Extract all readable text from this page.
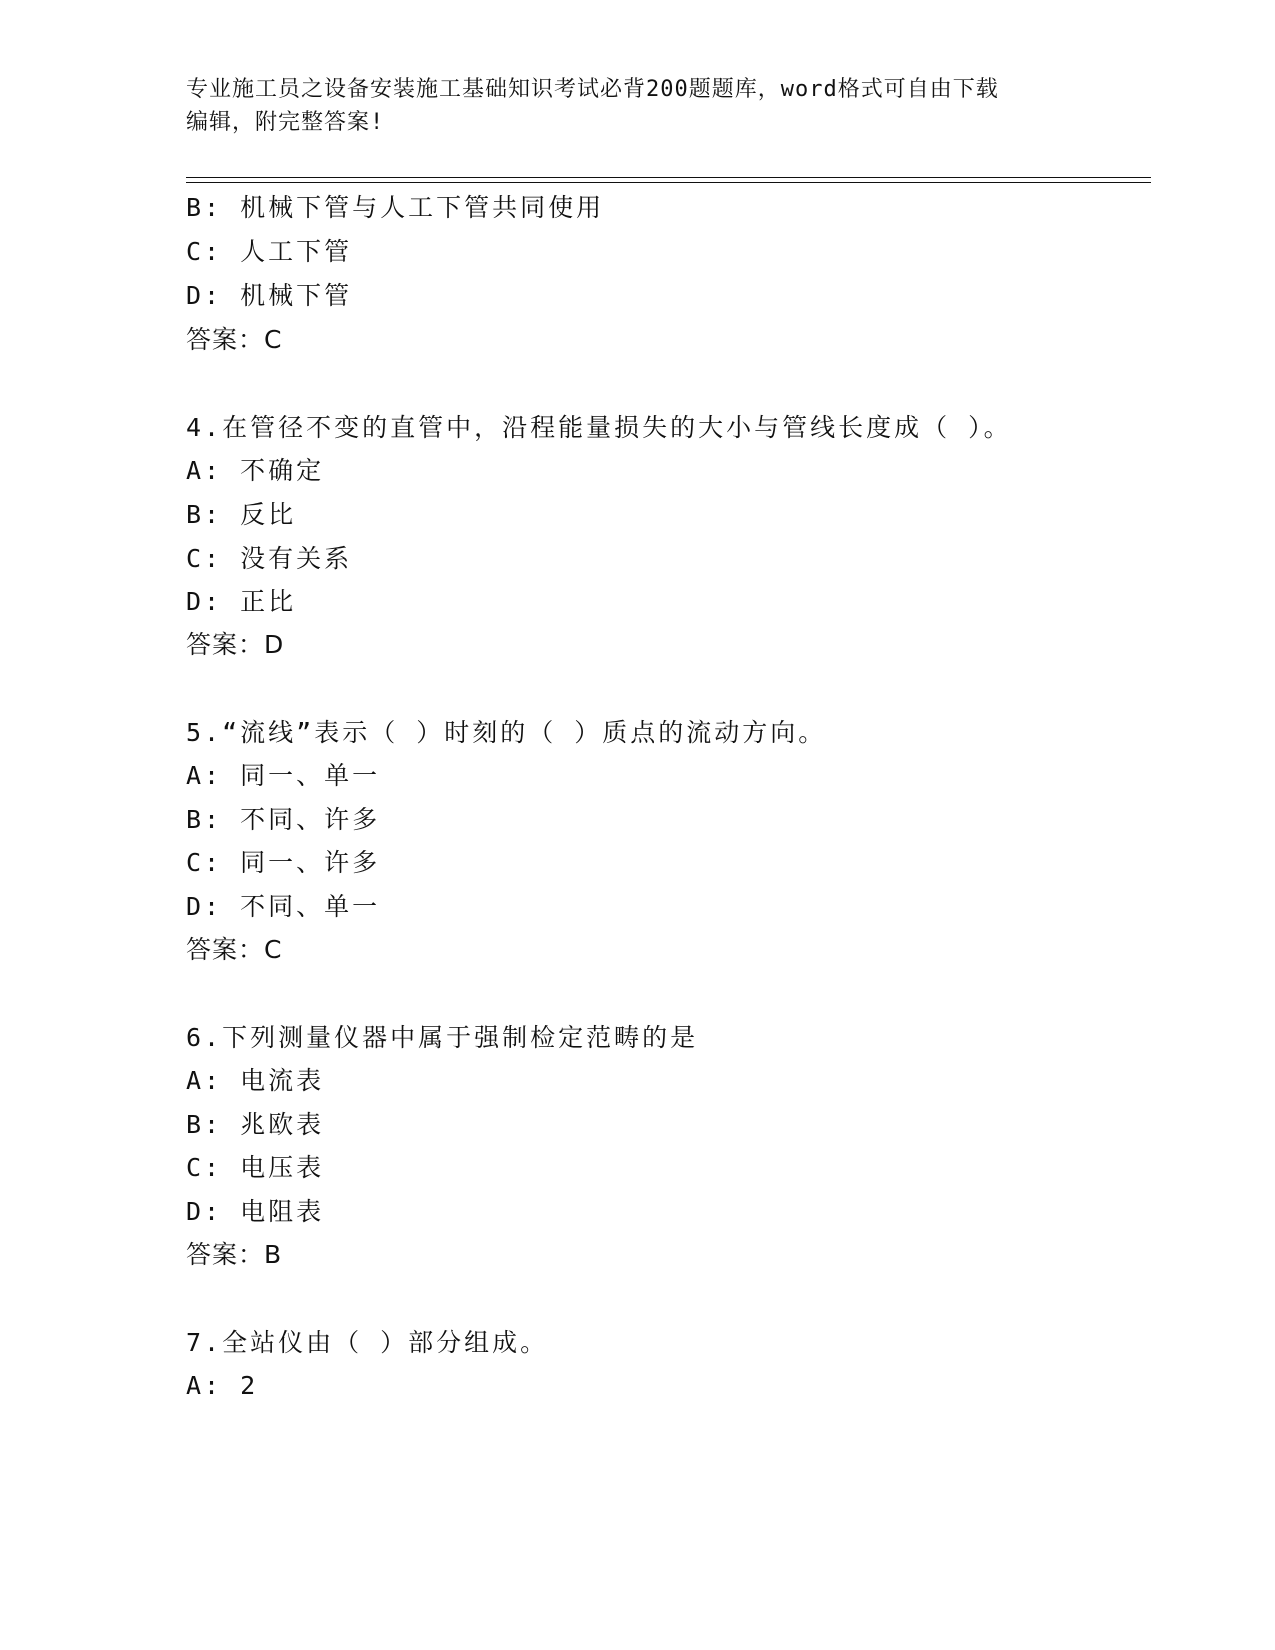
专业施工员之设备安装施工基础知识考试必背200题题库，word格式可自由下载
编辑，附完整答案!
B: 机械下管与人工下管共同使用
C: 人工下管
D: 机械下管
答案：C
4.在管径不变的直管中，沿程能量损失的大小与管线长度成（ ）。
A: 不确定
B: 反比
C: 没有关系
D: 正比
答案：D
5.“流线”表示（ ）时刻的（ ）质点的流动方向。
A: 同一、单一
B: 不同、许多
C: 同一、许多
D: 不同、单一
答案：C
6.下列测量仪器中属于强制检定范畴的是
A: 电流表
B: 兆欧表
C: 电压表
D: 电阻表
答案：B
7.全站仪由（ ）部分组成。
A: 2
